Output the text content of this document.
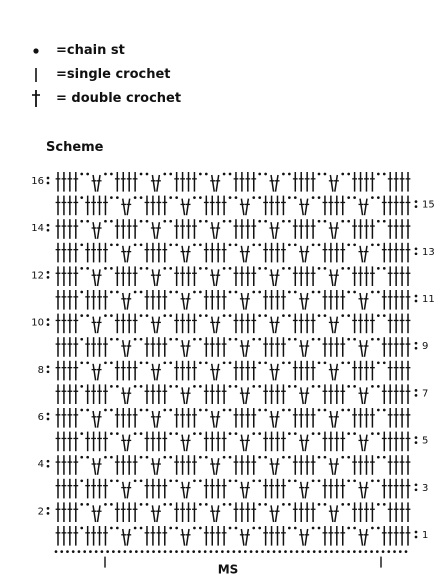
=chain st
=single crochet
= double crochet
Scheme
16
14
12
10
8
6
4
2
15
13
11
9
7
5
3
1
MS
